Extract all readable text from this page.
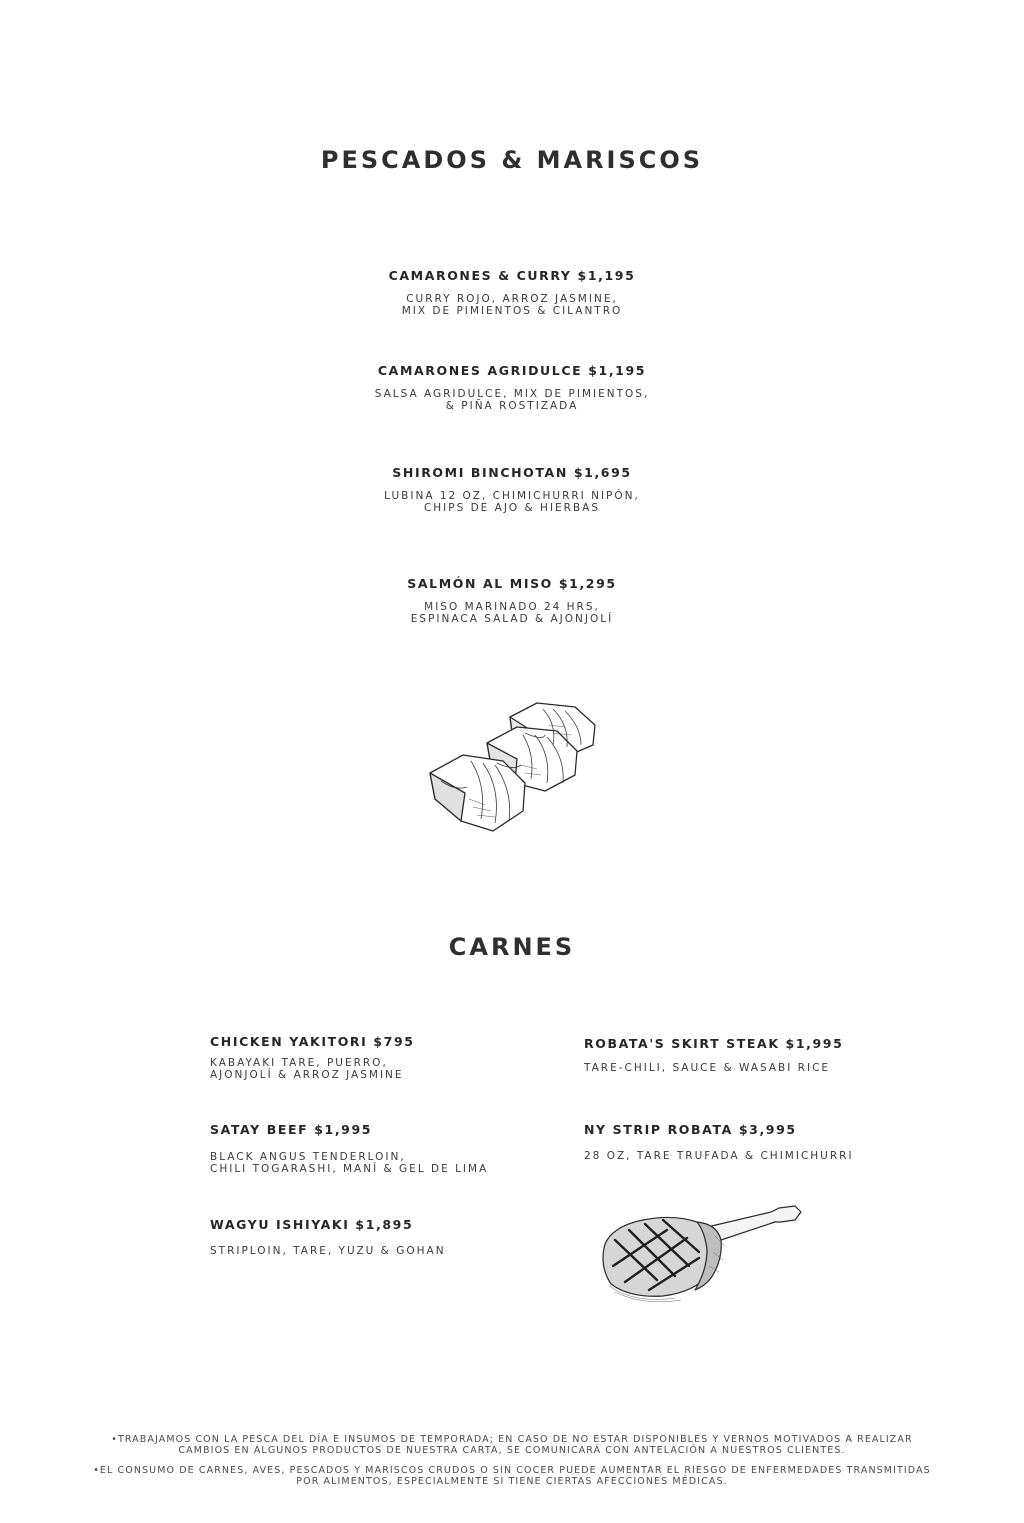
PESCADOS & MARISCOS

CAMARONES & CURRY $1,195

CURRY ROJO, ARROZ JASMINE,
MIX DE PIMIENTOS & CILANTRO

CAMARONES AGRIDULCE $1,195

SALSA AGRIDULCE, MIX DE PIMIENTOS,
& PIÑA ROSTIZADA

SHIROMI BINCHOTAN $1,695

LUBINA 12 OZ, CHIMICHURRI NIPÓN,
CHIPS DE AJO & HIERBAS

SALMÓN AL MISO $1,295

MISO MARINADO 24 HRS,
ESPINACA SALAD & AJONJOLÍ

CARNES

CHICKEN YAKITORI $795

KABAYAKI TARE, PUERRO,
AJONJOLÍ & ARROZ JASMINE

SATAY BEEF $1,995

BLACK ANGUS TENDERLOIN,
CHILI TOGARASHI, MANÍ & GEL DE LIMA

WAGYU ISHIYAKI $1,895

STRIPLOIN, TARE, YUZU & GOHAN

ROBATA'S SKIRT STEAK $1,995

TARE-CHILI, SAUCE & WASABI RICE

NY STRIP ROBATA $3,995

28 OZ, TARE TRUFADA & CHIMICHURRI

•TRABAJAMOS CON LA PESCA DEL DÍA E INSUMOS DE TEMPORADA; EN CASO DE NO ESTAR DISPONIBLES Y VERNOS MOTIVADOS A REALIZAR
CAMBIOS EN ALGUNOS PRODUCTOS DE NUESTRA CARTA, SE COMUNICARÁ CON ANTELACIÓN A NUESTROS CLIENTES.
•EL CONSUMO DE CARNES, AVES, PESCADOS Y MARISCOS CRUDOS O SIN COCER PUEDE AUMENTAR EL RIESGO DE ENFERMEDADES TRANSMITIDAS
POR ALIMENTOS, ESPECIALMENTE SI TIENE CIERTAS AFECCIONES MÉDICAS.
